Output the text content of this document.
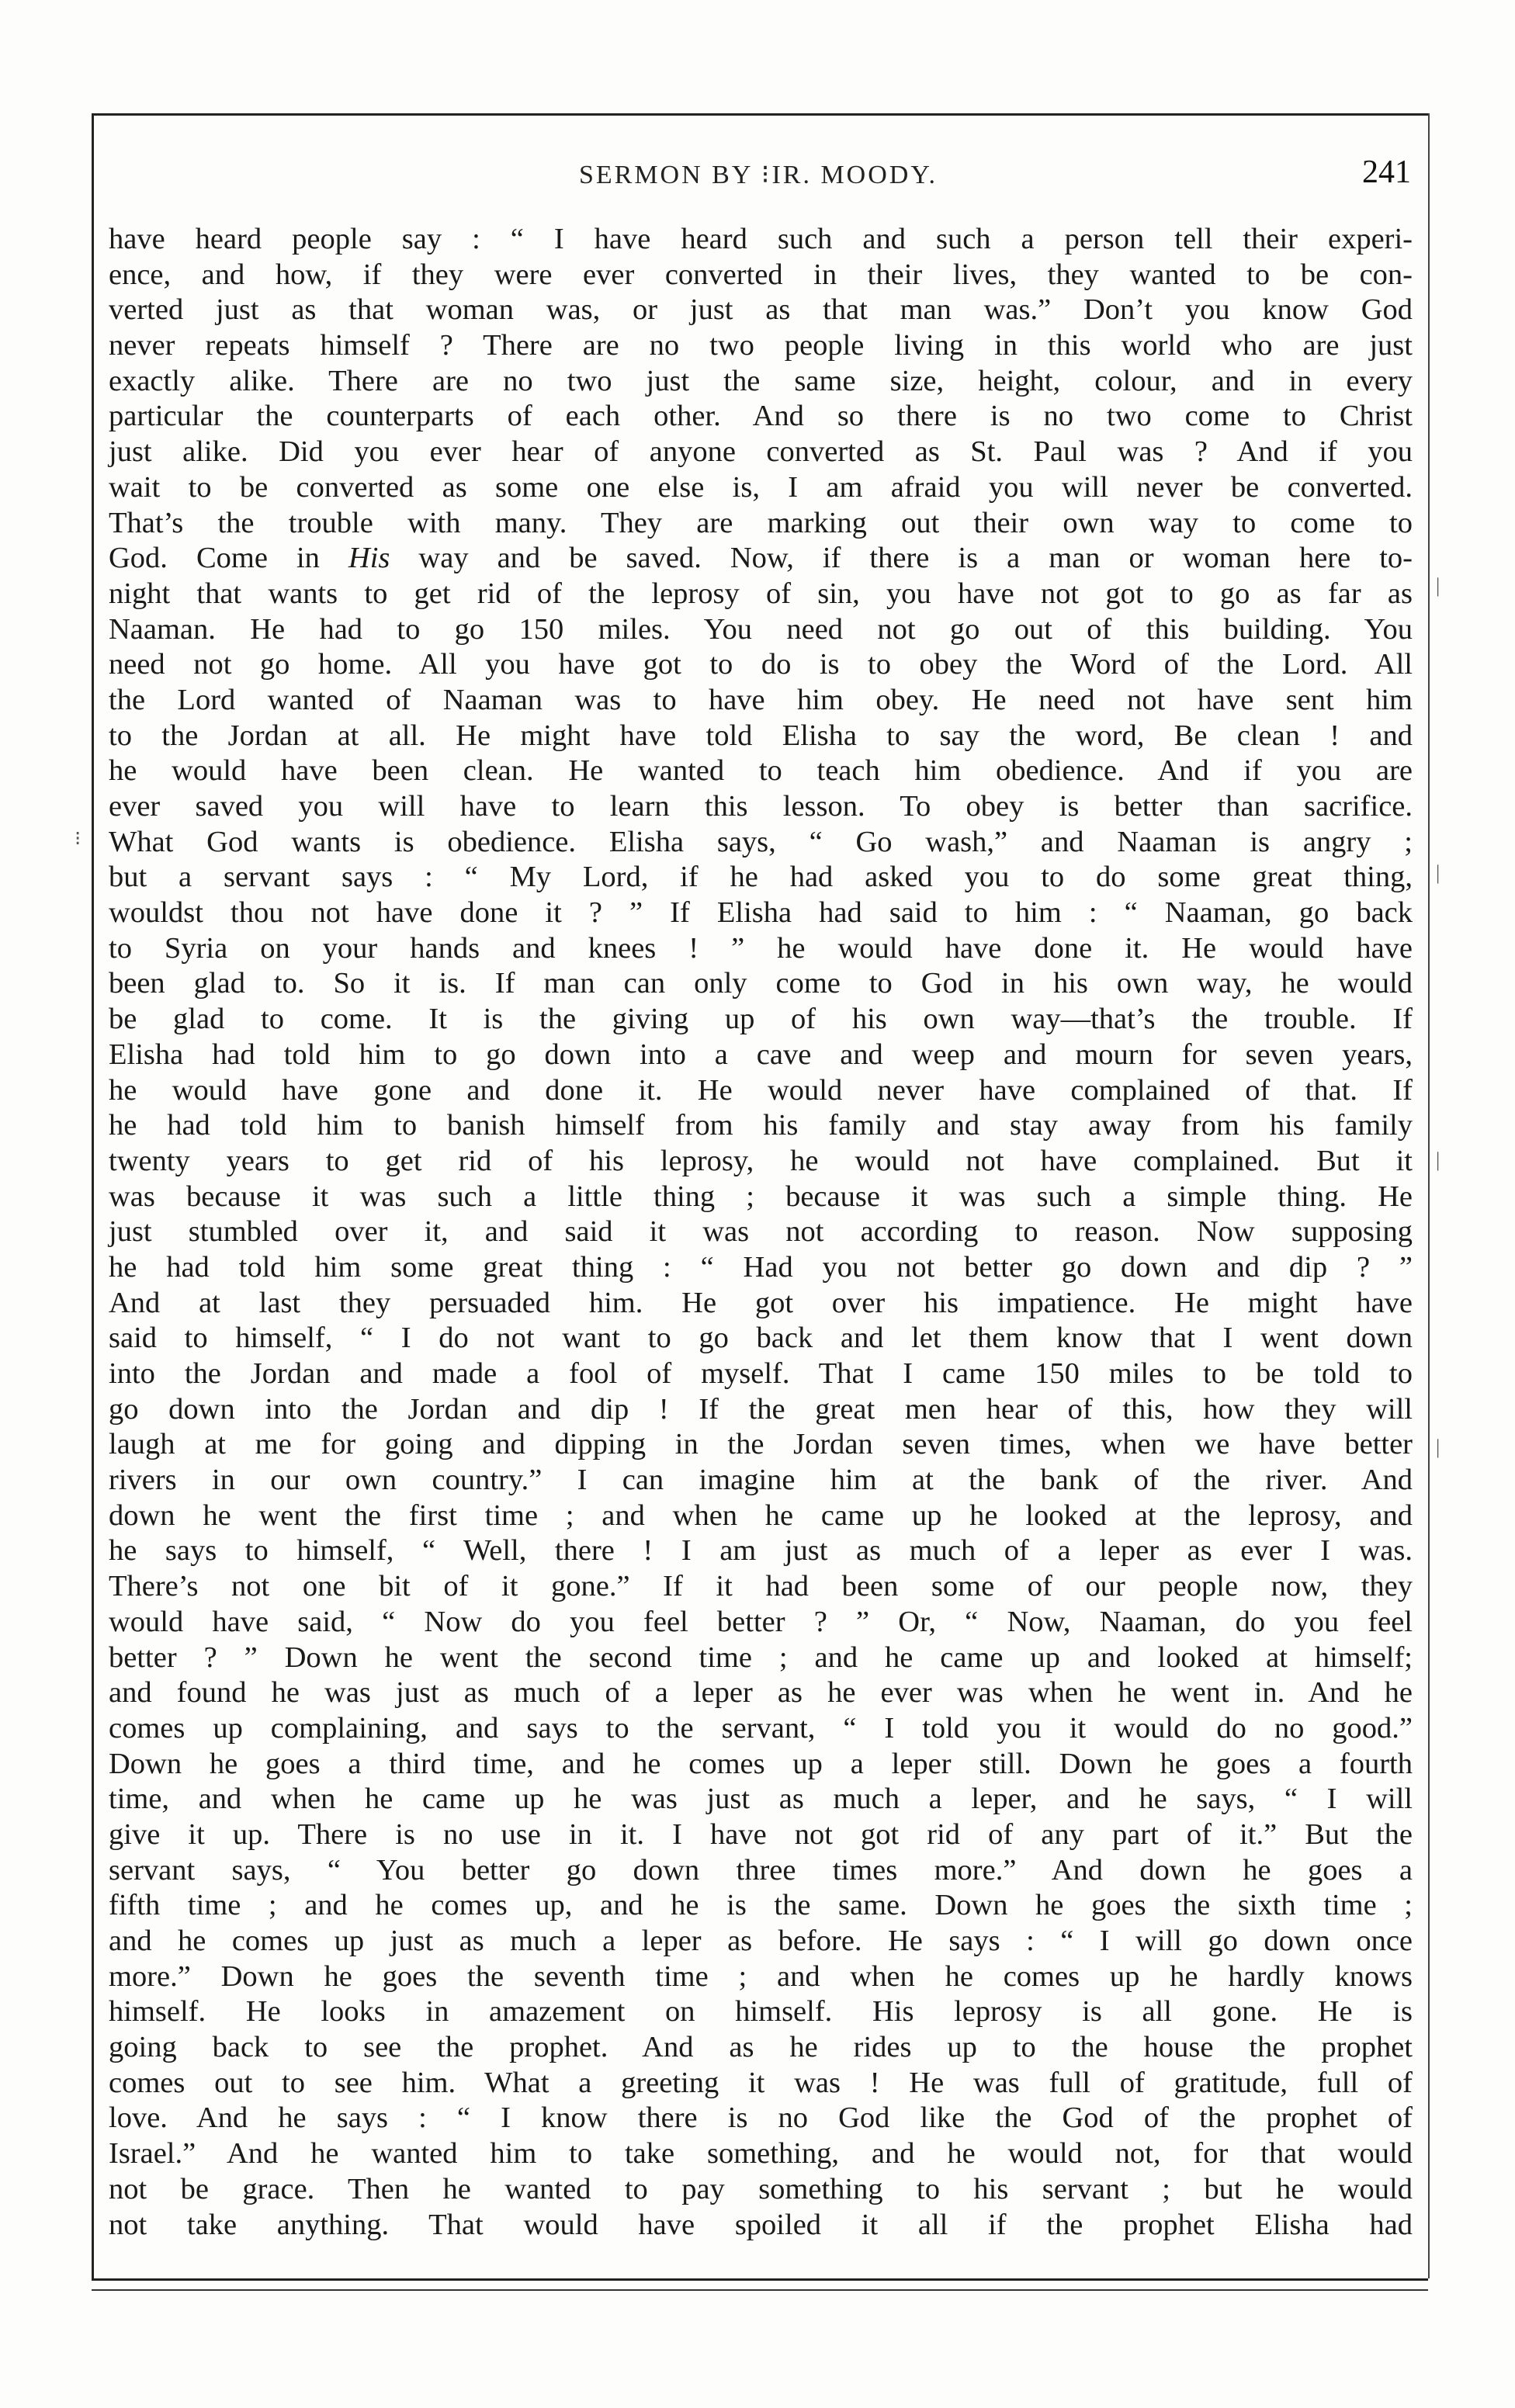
SERMON BY ⁝IR. MOODY.	241
have heard people say : “ I have heard such and such a person tell their experi-
ence, and how, if they were ever converted in their lives, they wanted to be con-
verted just as that woman was, or just as that man was.” Don’t you know God
never repeats himself ? There are no two people living in this world who are just
exactly alike. There are no two just the same size, height, colour, and in every
particular the counterparts of each other. And so there is no two come to Christ
just alike. Did you ever hear of anyone converted as St. Paul was ? And if you
wait to be converted as some one else is, I am afraid you will never be converted.
That’s the trouble with many. They are marking out their own way to come to
God. Come in His way and be saved. Now, if there is a man or woman here to-
night that wants to get rid of the leprosy of sin, you have not got to go as far as
Naaman. He had to go 150 miles. You need not go out of this building. You
need not go home. All you have got to do is to obey the Word of the Lord. All
the Lord wanted of Naaman was to have him obey. He need not have sent him
to the Jordan at all. He might have told Elisha to say the word, Be clean ! and
he would have been clean. He wanted to teach him obedience. And if you are
ever saved you will have to learn this lesson. To obey is better than sacrifice.
What God wants is obedience. Elisha says, “ Go wash,” and Naaman is angry ;
but a servant says : “ My Lord, if he had asked you to do some great thing,
wouldst thou not have done it ? ” If Elisha had said to him : “ Naaman, go back
to Syria on your hands and knees ! ” he would have done it. He would have
been glad to. So it is. If man can only come to God in his own way, he would
be glad to come. It is the giving up of his own way—that’s the trouble. If
Elisha had told him to go down into a cave and weep and mourn for seven years,
he would have gone and done it. He would never have complained of that. If
he had told him to banish himself from his family and stay away from his family
twenty years to get rid of his leprosy, he would not have complained. But it
was because it was such a little thing ; because it was such a simple thing. He
just stumbled over it, and said it was not according to reason. Now supposing
he had told him some great thing : “ Had you not better go down and dip ? ”
And at last they persuaded him. He got over his impatience. He might have
said to himself, “ I do not want to go back and let them know that I went down
into the Jordan and made a fool of myself. That I came 150 miles to be told to
go down into the Jordan and dip ! If the great men hear of this, how they will
laugh at me for going and dipping in the Jordan seven times, when we have better
rivers in our own country.” I can imagine him at the bank of the river. And
down he went the first time ; and when he came up he looked at the leprosy, and
he says to himself, “ Well, there ! I am just as much of a leper as ever I was.
There’s not one bit of it gone.” If it had been some of our people now, they
would have said, “ Now do you feel better ? ” Or, “ Now, Naaman, do you feel
better ? ” Down he went the second time ; and he came up and looked at himself;
and found he was just as much of a leper as he ever was when he went in. And he
comes up complaining, and says to the servant, “ I told you it would do no good.”
Down he goes a third time, and he comes up a leper still. Down he goes a fourth
time, and when he came up he was just as much a leper, and he says, “ I will
give it up. There is no use in it. I have not got rid of any part of it.” But the
servant says, “ You better go down three times more.” And down he goes a
fifth time ; and he comes up, and he is the same. Down he goes the sixth time ;
and he comes up just as much a leper as before. He says : “ I will go down once
more.” Down he goes the seventh time ; and when he comes up he hardly knows
himself. He looks in amazement on himself. His leprosy is all gone. He is
going back to see the prophet. And as he rides up to the house the prophet
comes out to see him. What a greeting it was ! He was full of gratitude, full of
love. And he says : “ I know there is no God like the God of the prophet of
Israel.” And he wanted him to take something, and he would not, for that would
not be grace. Then he wanted to pay something to his servant ; but he would
not take anything. That would have spoiled it all if the prophet Elisha had
|
|
|
|
⁝
